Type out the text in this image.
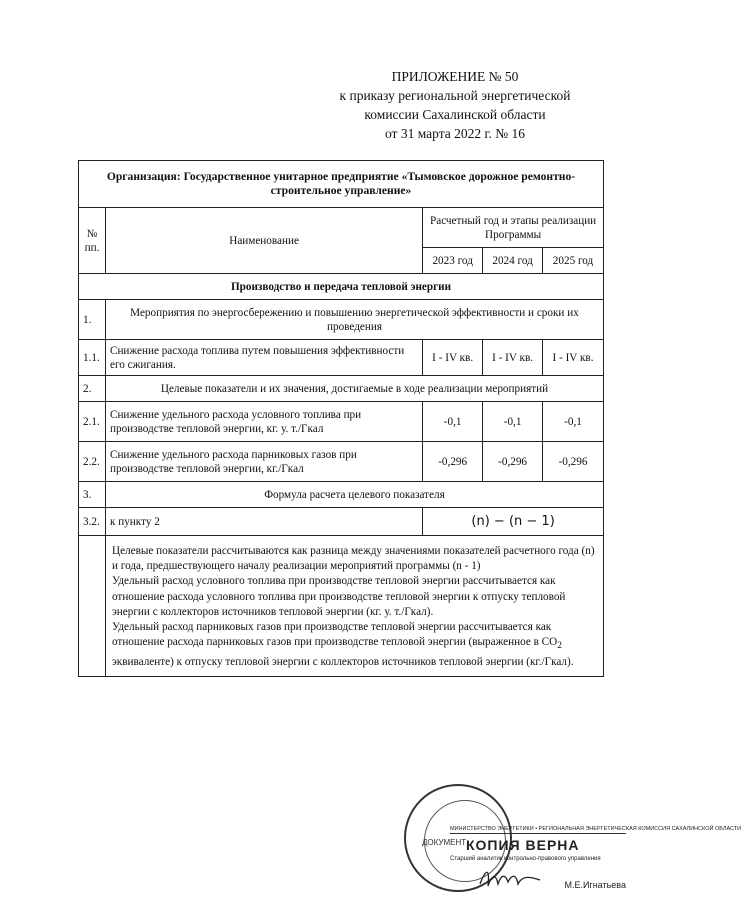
ПРИЛОЖЕНИЕ № 50
к приказу региональной энергетической
комиссии Сахалинской области
от 31 марта 2022 г. № 16
Организация: Государственное унитарное предприятие «Тымовское дорожное ремонтно-строительное управление»				
№ пп.	Наименование	Расчетный год и этапы реализации Программы		
		2023 год	2024 год	2025 год
Производство и передача тепловой энергии				
1.	Мероприятия по энергосбережению и повышению энергетической эффективности и сроки их проведения			
1.1.	Снижение расхода топлива путем повышения эффективности его сжигания.	I - IV кв.	I - IV кв.	I - IV кв.
2.	Целевые показатели и их значения, достигаемые в ходе реализации мероприятий			
2.1.	Снижение удельного расхода условного топлива при производстве тепловой энергии, кг. у. т./Гкал	-0,1	-0,1	-0,1
2.2.	Снижение удельного расхода парниковых газов при производстве тепловой энергии, кг./Гкал	-0,296	-0,296	-0,296
3.	Формула расчета целевого показателя			
3.2.	к пункту 2	(n) − (n − 1)		

	Целевые показатели рассчитываются как разница между значениями показателей расчетного года (n) и года, предшествующего началу реализации мероприятий программы (n - 1)
Удельный расход условного топлива при производстве тепловой энергии рассчитывается как отношение расхода условного топлива при производстве тепловой энергии к отпуску тепловой энергии с коллекторов источников тепловой энергии (кг. у. т./Гкал).
Удельный расход парниковых газов при производстве тепловой энергии рассчитывается как отношение расхода парниковых газов при производстве тепловой энергии (выраженное в $CO_2$ эквиваленте) к отпуску тепловой энергии с коллекторов источников тепловой энергии (кг./Гкал).			
ДОКУМЕНТ
МИНИСТЕРСТВО ЭНЕРГЕТИКИ • РЕГИОНАЛЬНАЯ ЭНЕРГЕТИЧЕСКАЯ КОМИССИЯ САХАЛИНСКОЙ ОБЛАСТИ
КОПИЯ ВЕРНА
Старший аналитик контрольно-правового управления
М.Е.Игнатьева
